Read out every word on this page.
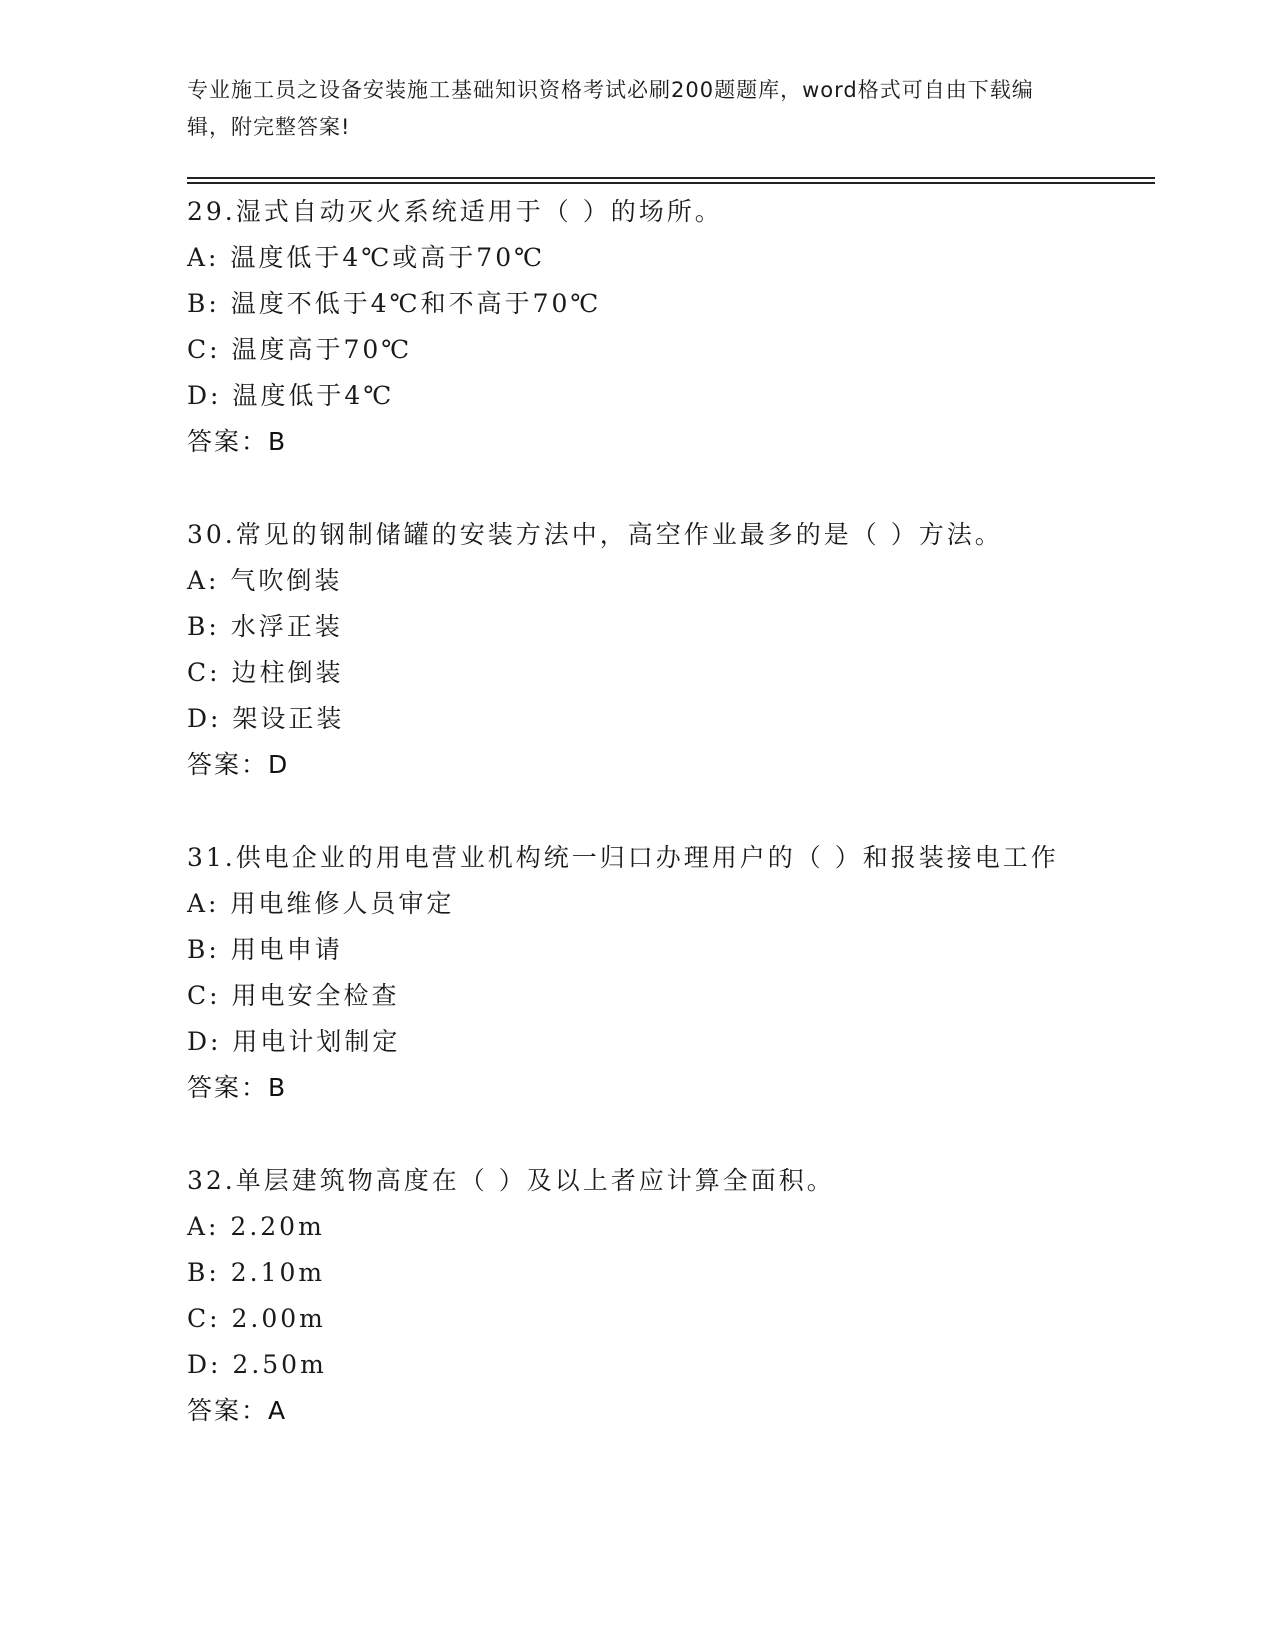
专业施工员之设备安装施工基础知识资格考试必刷200题题库，word格式可自由下载编辑，附完整答案!
29.湿式自动灭火系统适用于（ ）的场所。
A: 温度低于4℃或高于70℃
B: 温度不低于4℃和不高于70℃
C: 温度高于70℃
D: 温度低于4℃
答案：B
30.常见的钢制储罐的安装方法中，高空作业最多的是（ ）方法。
A: 气吹倒装
B: 水浮正装
C: 边柱倒装
D: 架设正装
答案：D
31.供电企业的用电营业机构统一归口办理用户的（ ）和报装接电工作
A: 用电维修人员审定
B: 用电申请
C: 用电安全检查
D: 用电计划制定
答案：B
32.单层建筑物高度在（ ）及以上者应计算全面积。
A: 2.20m
B: 2.10m
C: 2.00m
D: 2.50m
答案：A
